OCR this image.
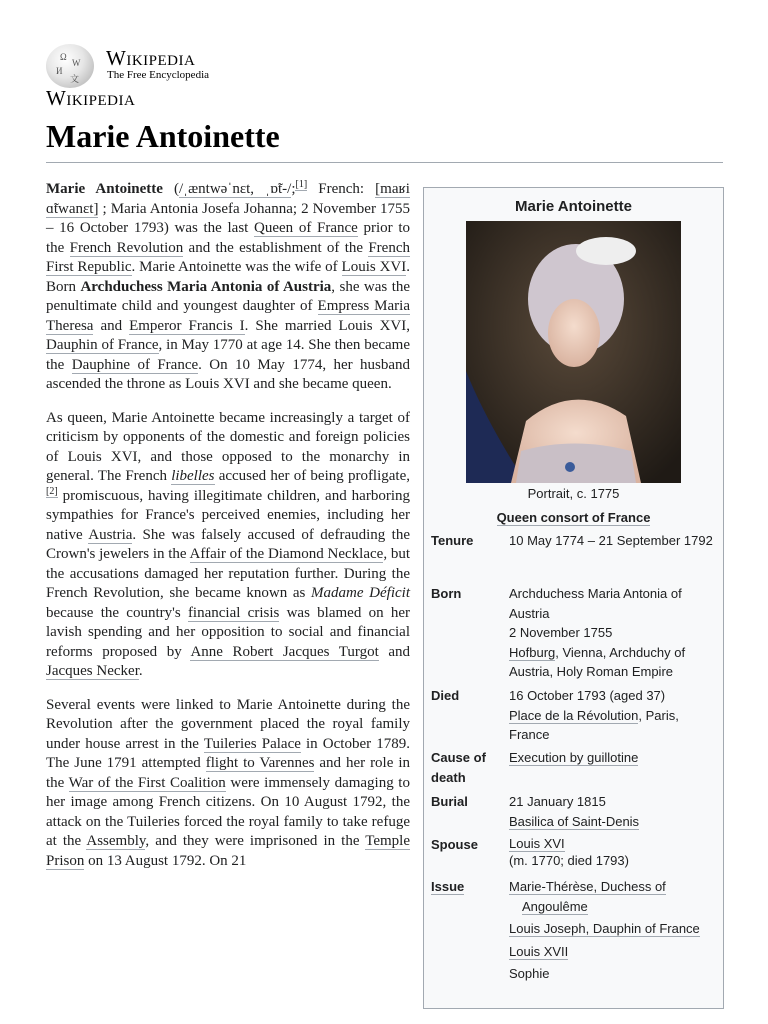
Ω
W
И
文
Wikipedia
The Free Encyclopedia
Wikipedia
Marie Antoinette

Marie Antoinette (/ˌæntwəˈnɛt, ˌɒ̃t-/;[1] French: [maʁi ɑ̃twanɛt] ; Maria Antonia Josefa Johanna; 2 November 1755 – 16 October 1793) was the last Queen of France prior to the French Revolution and the establishment of the French First Republic. Marie Antoinette was the wife of Louis XVI. Born Archduchess Maria Antonia of Austria, she was the penultimate child and youngest daughter of Empress Maria Theresa and Emperor Francis I. She married Louis XVI, Dauphin of France, in May 1770 at age 14. She then became the Dauphine of France. On 10 May 1774, her husband ascended the throne as Louis XVI and she became queen.

As queen, Marie Antoinette became increasingly a target of criticism by opponents of the domestic and foreign policies of Louis XVI, and those opposed to the monarchy in general. The French libelles accused her of being profligate,[2] promiscuous, having illegitimate children, and harboring sympathies for France's perceived enemies, including her native Austria. She was falsely accused of defrauding the Crown's jewelers in the Affair of the Diamond Necklace, but the accusations damaged her reputation further. During the French Revolution, she became known as Madame Déficit because the country's financial crisis was blamed on her lavish spending and her opposition to social and financial reforms proposed by Anne Robert Jacques Turgot and Jacques Necker.

Several events were linked to Marie Antoinette during the Revolution after the government placed the royal family under house arrest in the Tuileries Palace in October 1789. The June 1791 attempted flight to Varennes and her role in the War of the First Coalition were immensely damaging to her image among French citizens. On 10 August 1792, the attack on the Tuileries forced the royal family to take refuge at the Assembly, and they were imprisoned in the Temple Prison on 13 August 1792. On 21

Marie Antoinette
Portrait, c. 1775
Queen consort of France
Tenure	10 May 1774 – 21 September 1792
Born	Archduchess Maria Antonia of Austria
2 November 1755
Hofburg, Vienna, Archduchy of Austria, Holy Roman Empire
Died	16 October 1793 (aged 37)
Place de la Révolution, Paris, France
Cause of death
Execution by guillotine
Burial	21 January 1815
Basilica of Saint-Denis
Spouse	Louis XVI
(m. 1770; died 1793)
Issue	Marie-Thérèse, Duchess of Angoulême
Louis Joseph, Dauphin of France
Louis XVII
Sophie
